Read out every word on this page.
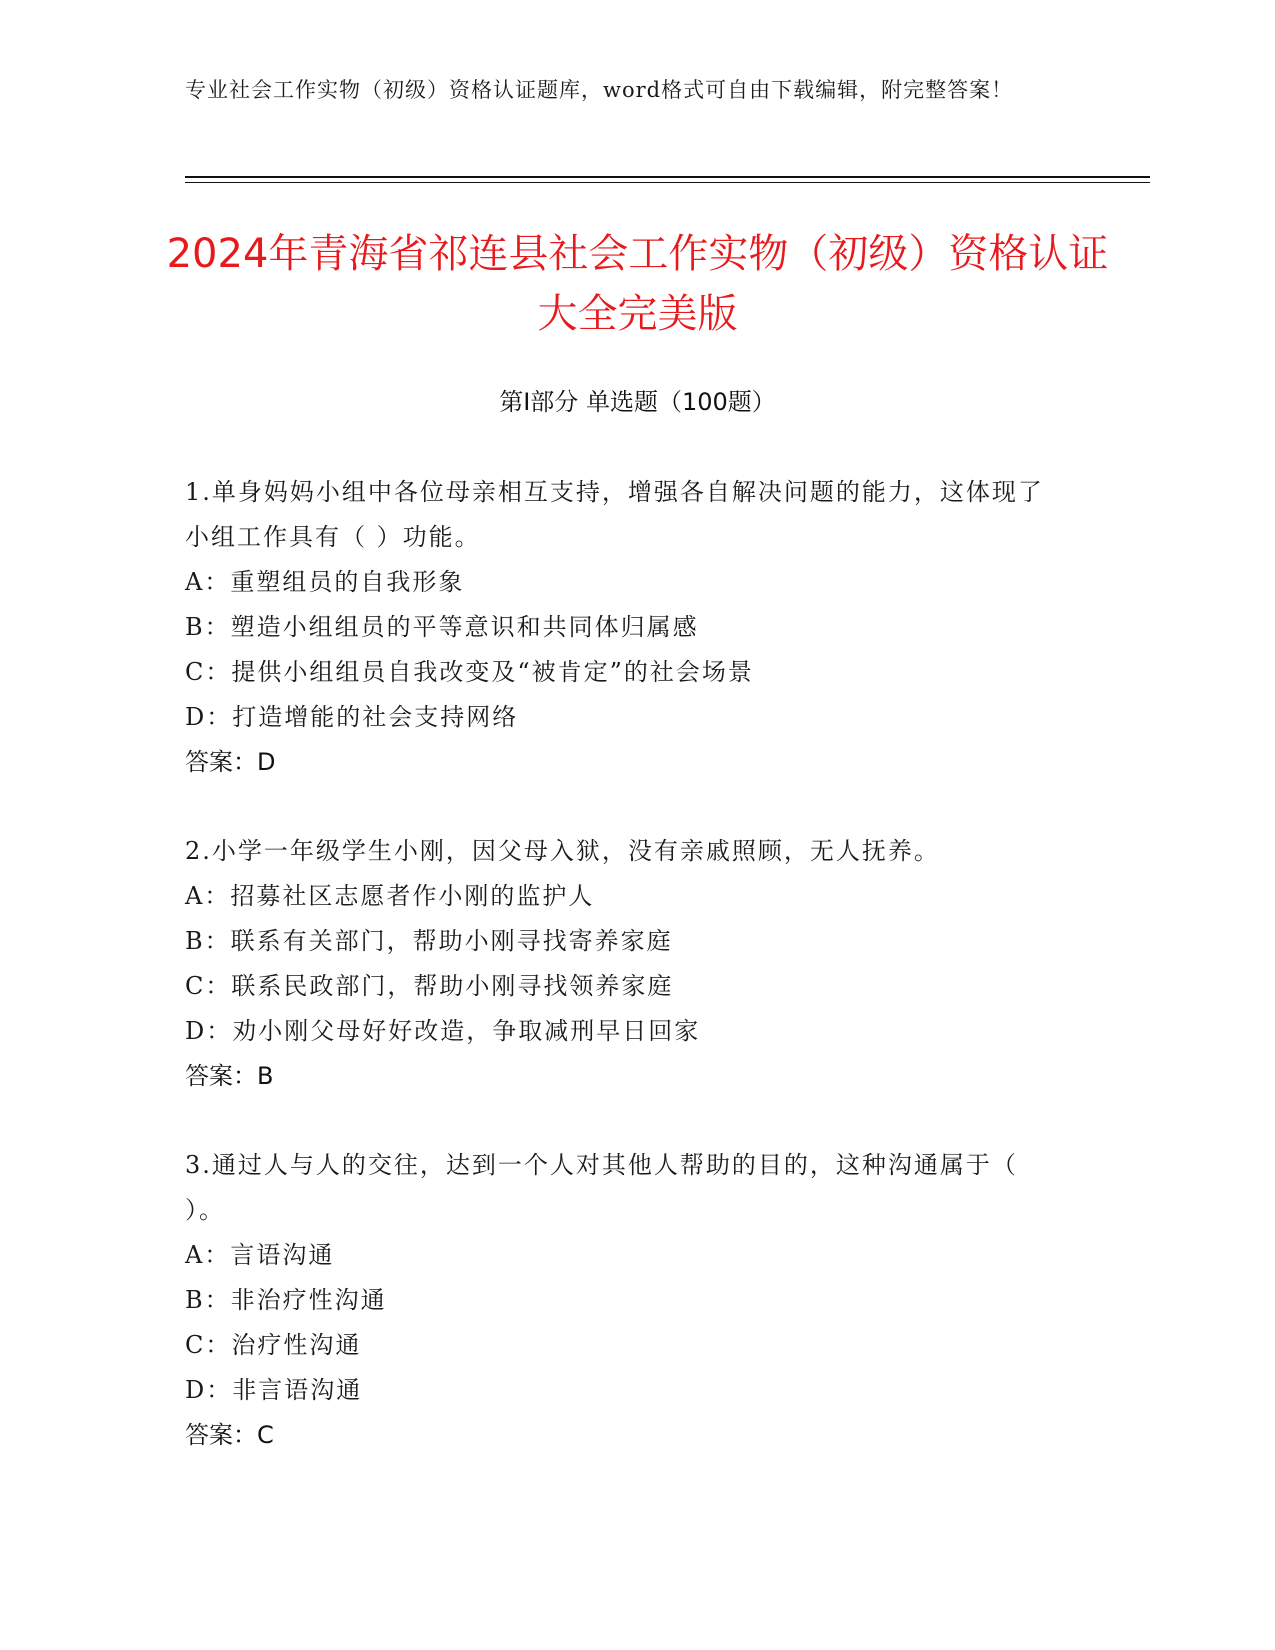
专业社会工作实物（初级）资格认证题库，word格式可自由下载编辑，附完整答案！
2024年青海省祁连县社会工作实物（初级）资格认证大全完美版
第I部分 单选题（100题）

1.单身妈妈小组中各位母亲相互支持，增强各自解决问题的能力，这体现了小组工作具有（ ）功能。

A：重塑组员的自我形象

B：塑造小组组员的平等意识和共同体归属感

C：提供小组组员自我改变及“被肯定”的社会场景

D：打造增能的社会支持网络

答案：D

2.小学一年级学生小刚，因父母入狱，没有亲戚照顾，无人抚养。

A：招募社区志愿者作小刚的监护人

B：联系有关部门，帮助小刚寻找寄养家庭

C：联系民政部门，帮助小刚寻找领养家庭

D：劝小刚父母好好改造，争取减刑早日回家

答案：B

3.通过人与人的交往，达到一个人对其他人帮助的目的，这种沟通属于（ ）。

A：言语沟通

B：非治疗性沟通

C：治疗性沟通

D：非言语沟通

答案：C
